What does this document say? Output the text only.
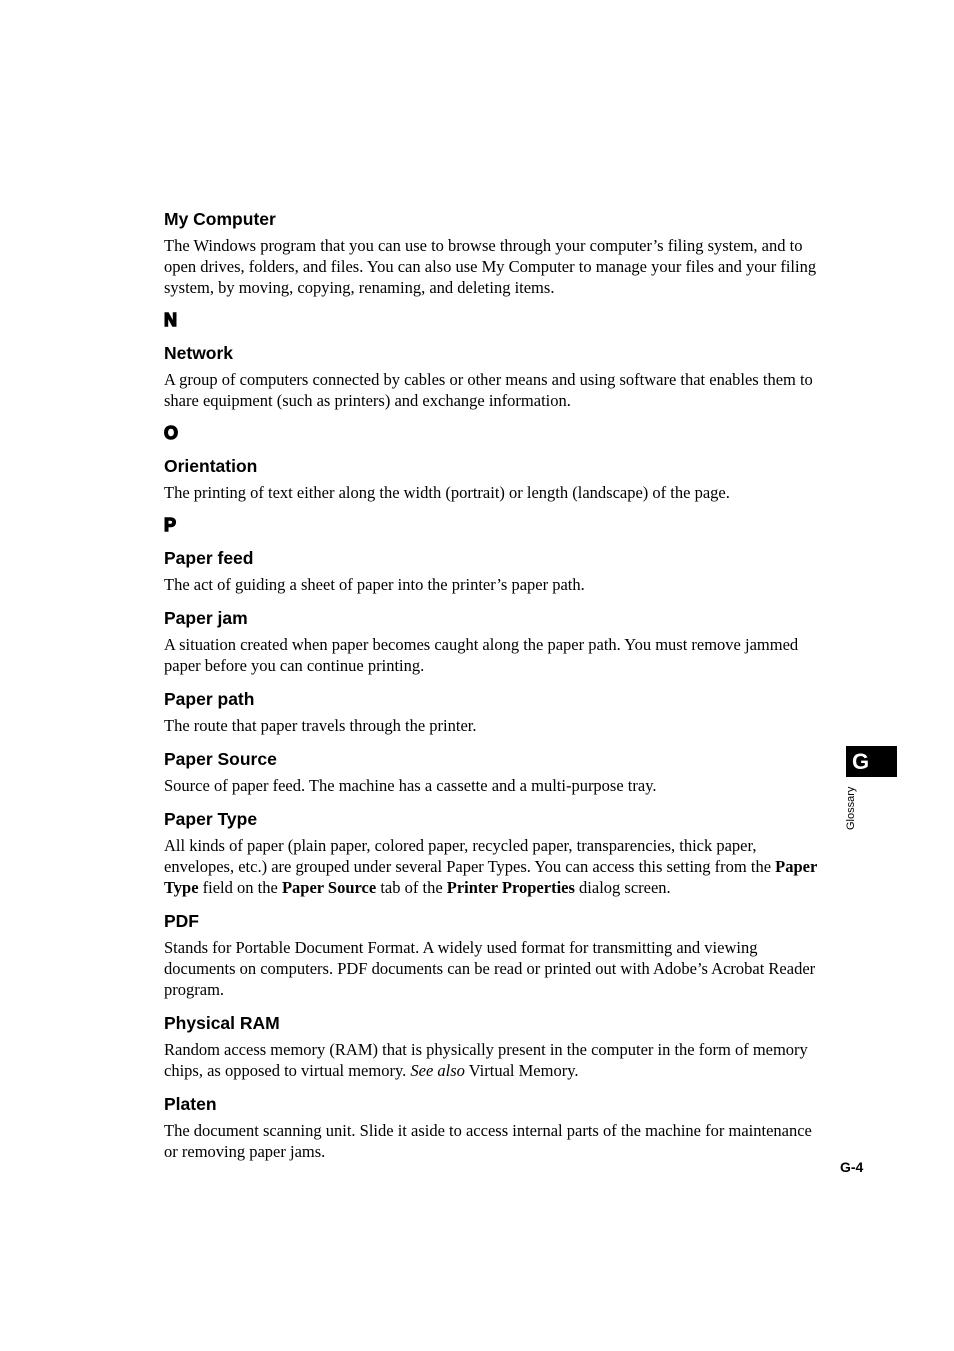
My Computer
The Windows program that you can use to browse through your computer’s filing system, and to open drives, folders, and files. You can also use My Computer to manage your files and your filing system, by moving, copying, renaming, and deleting items.
N
Network
A group of computers connected by cables or other means and using software that enables them to share equipment (such as printers) and exchange information.
O
Orientation
The printing of text either along the width (portrait) or length (landscape) of the page.
P
Paper feed
The act of guiding a sheet of paper into the printer’s paper path.
Paper jam
A situation created when paper becomes caught along the paper path. You must remove jammed paper before you can continue printing.
Paper path
The route that paper travels through the printer.
Paper Source
Source of paper feed. The machine has a cassette and a multi-purpose tray.
Paper Type
All kinds of paper (plain paper, colored paper, recycled paper, transparencies, thick paper, envelopes, etc.) are grouped under several Paper Types. You can access this setting from the Paper Type field on the Paper Source tab of the Printer Properties dialog screen.
PDF
Stands for Portable Document Format. A widely used format for transmitting and viewing documents on computers. PDF documents can be read or printed out with Adobe’s Acrobat Reader program.
Physical RAM
Random access memory (RAM) that is physically present in the computer in the form of memory chips, as opposed to virtual memory. See also Virtual Memory.
Platen
The document scanning unit. Slide it aside to access internal parts of the machine for maintenance or removing paper jams.
G
Glossary
G-4
